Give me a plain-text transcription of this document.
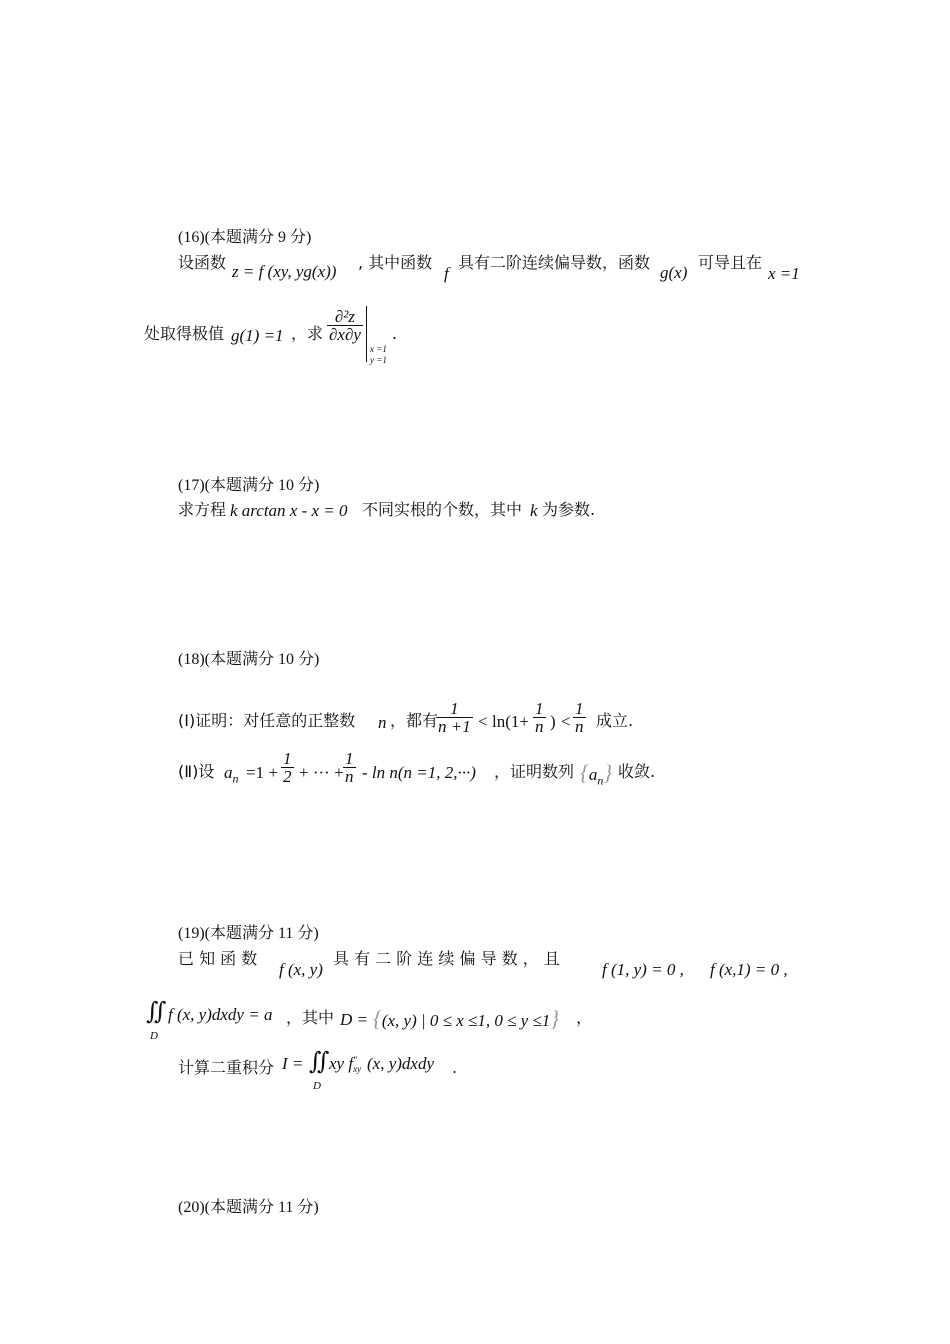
(16)(本题满分 9 分)
设函数 z = f (xy, yg(x)) , 其中函数
f
具有二阶连续偏导数，函数
g(x)
可导且在
x =1
处取得极值 g(1) =1 ，求 $\frac{\text{∂²z}}{\partial x\partial y}$
x =1
y =1
.
(17)(本题满分 10 分)
求方程 k arctan x - x = 0 不同实根的个数，其中 k 为参数.
(18)(本题满分 10 分)
(Ⅰ)证明：对任意的正整数 n ，都有
$\frac{1}{n +1} < \ln(1+ \frac{1}{n}$ ) < $\frac{1}{n}$ 成立.
(Ⅱ)设 $a_n =1 + \frac{1}{2}$ + ··· + $\frac{1}{n} - \ln n(n =1$, 2,···) ，证明数列 $\{a_n\}$ 收敛.
(19)(本题满分 11 分)
已 知 函 数
f (x, y)
具 有 二 阶 连 续 偏 导 数 ， 且
f (1, y) = 0 , f (x,1) = 0 ,
∬
D
f (x, y)dxdy = a ，其中 D = {(x, y) | 0 ≤ x ≤1, 0 ≤ y ≤1} ，
计算二重积分 I = ∬
D
xy f ″
xy (x, y)dxdy .
(20)(本题满分 11 分)
